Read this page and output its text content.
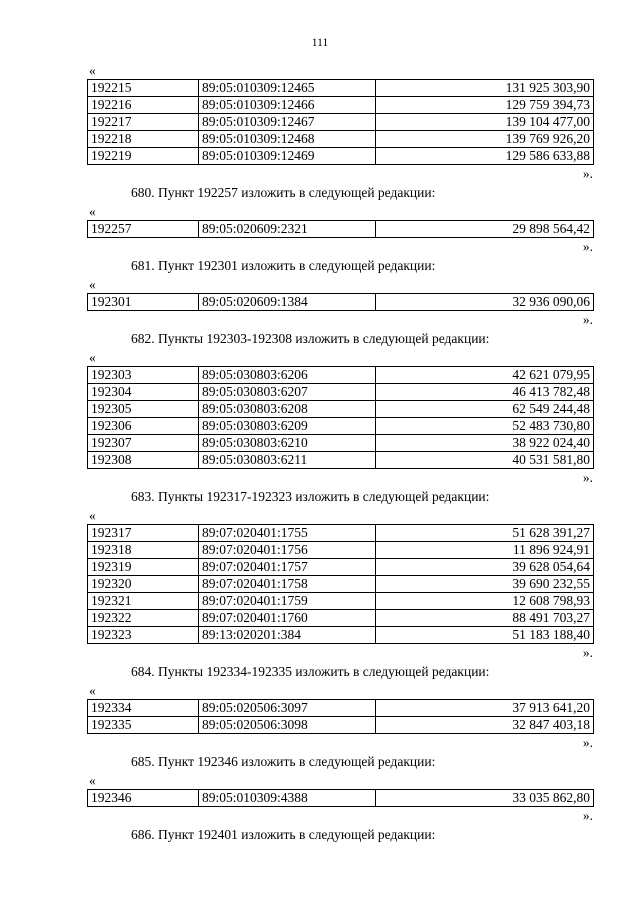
111
«
192215	89:05:010309:12465	131 925 303,90
192216	89:05:010309:12466	129 759 394,73
192217	89:05:010309:12467	139 104 477,00
192218	89:05:010309:12468	139 769 926,20
192219	89:05:010309:12469	129 586 633,88
».
680. Пункт 192257 изложить в следующей редакции:
«
192257	89:05:020609:2321	29 898 564,42
».
681. Пункт 192301 изложить в следующей редакции:
«
192301	89:05:020609:1384	32 936 090,06
».
682. Пункты 192303-192308 изложить в следующей редакции:
«
192303	89:05:030803:6206	42 621 079,95
192304	89:05:030803:6207	46 413 782,48
192305	89:05:030803:6208	62 549 244,48
192306	89:05:030803:6209	52 483 730,80
192307	89:05:030803:6210	38 922 024,40
192308	89:05:030803:6211	40 531 581,80
».
683. Пункты 192317-192323 изложить в следующей редакции:
«
192317	89:07:020401:1755	51 628 391,27
192318	89:07:020401:1756	11 896 924,91
192319	89:07:020401:1757	39 628 054,64
192320	89:07:020401:1758	39 690 232,55
192321	89:07:020401:1759	12 608 798,93
192322	89:07:020401:1760	88 491 703,27
192323	89:13:020201:384	51 183 188,40
».
684. Пункты 192334-192335 изложить в следующей редакции:
«
192334	89:05:020506:3097	37 913 641,20
192335	89:05:020506:3098	32 847 403,18
».
685. Пункт 192346 изложить в следующей редакции:
«
192346	89:05:010309:4388	33 035 862,80
».
686. Пункт 192401 изложить в следующей редакции:
